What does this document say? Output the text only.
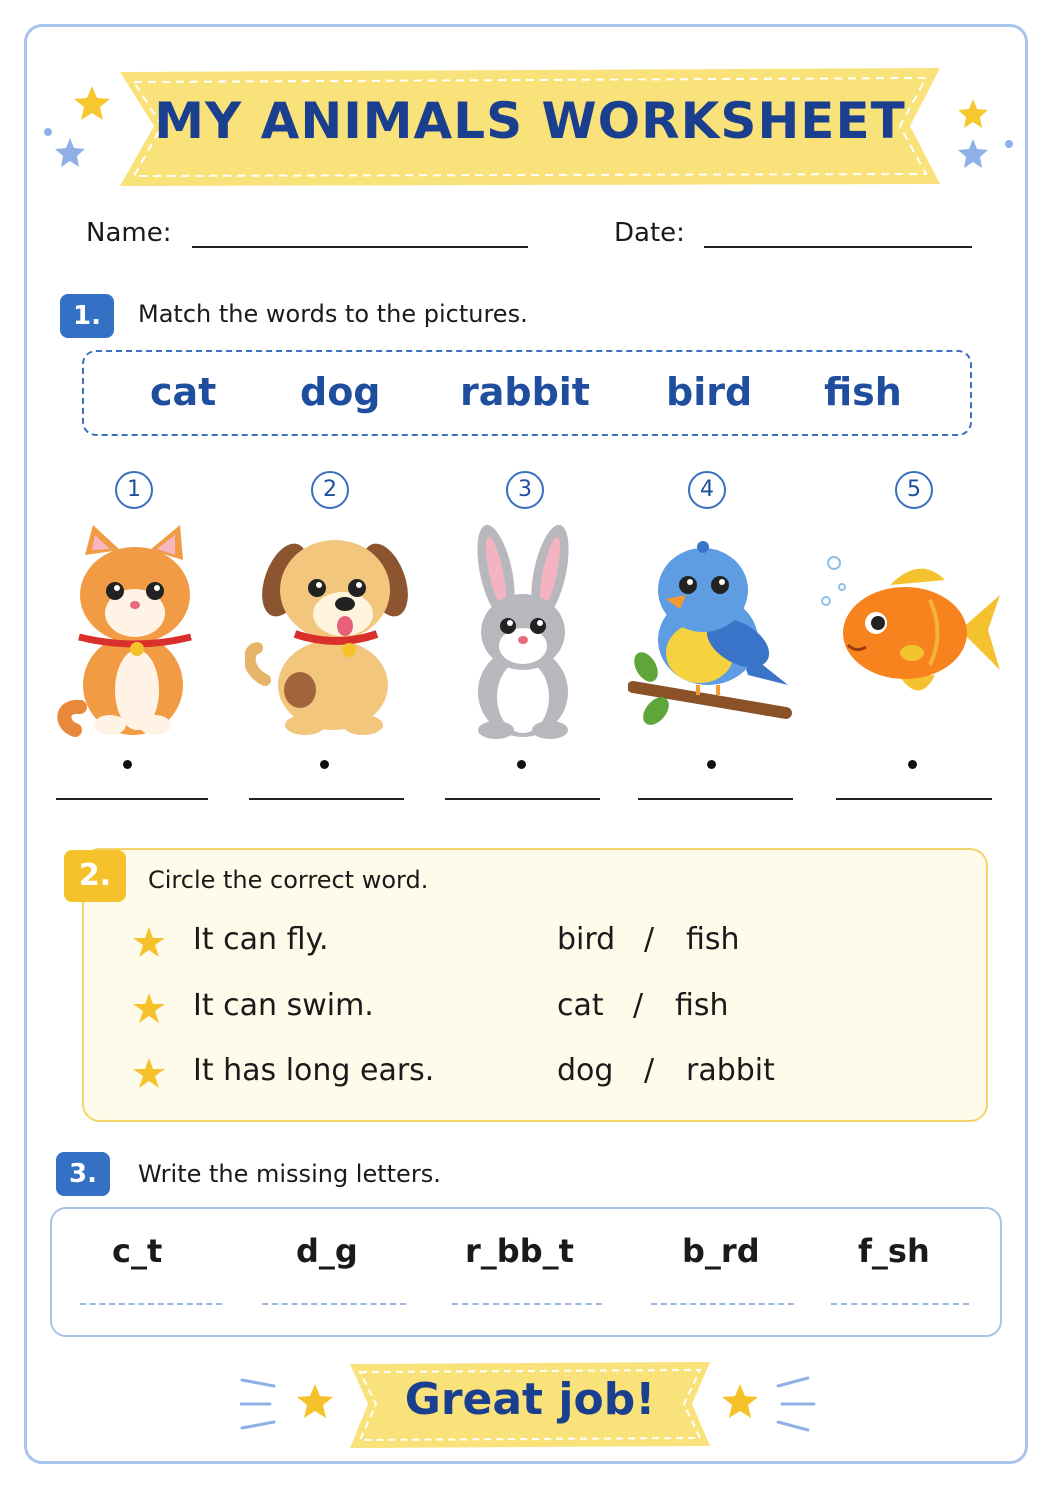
MY ANIMALS WORKSHEET
Name:	Date:
1.	Match the words to the pictures.
cat dog rabbit bird fish
1	2	3	4	5
2.	Circle the correct word.
It can fly.	bird / fish
It can swim.	cat / fish
It has long ears.	dog / rabbit
3.	Write the missing letters.
c_t	d_g	r_bb_t	b_rd	f_sh
Great job!
